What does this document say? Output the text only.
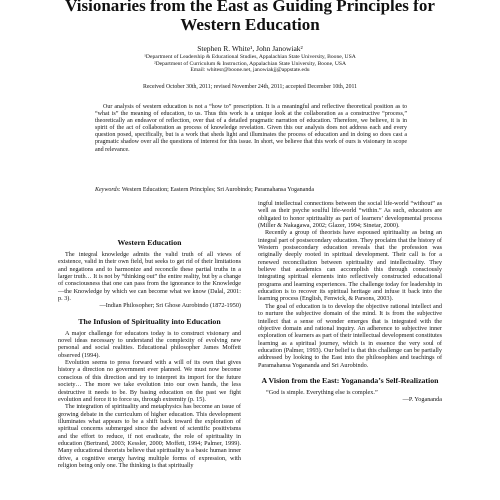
Visionaries from the East as Guiding Principles for Western Education
Stephen R. White¹, John Janowiak²
¹Department of Leadership & Educational Studies, Appalachian State University, Boone, USA
²Department of Curriculum & Instruction, Appalachian State University, Boone, USA
Email: whitesr@boone.net, janowiakjj@appstate.edu
Received October 30th, 2011; revised November 24th, 2011; accepted December 10th, 2011
Our analysis of western education is not a “how to” prescription. It is a meaningful and reflective theoretical position as to “what is” the meaning of education, to us. Thus this work is a unique look at the collaboration as a constructive “process,” theoretically an endeavor of reflection, over that of a detailed pragmatic narration of education. Therefore, we believe, it is in spirit of the act of collaboration as process of knowledge revelation. Given this our analysis does not address each and every question posed, specifically, but is a work that sheds light and illuminates the process of education and in doing so does cast a pragmatic shadow over all the questions of interest for this issue. In short, we believe that this work of ours is visionary in scope and relevance.
Keywords: Western Education; Eastern Principles; Sri Aurobindo; Paramahansa Yogananda
Western Education

The integral knowledge admits the valid truth of all views of existence, valid in their own field, but seeks to get rid of their limitations and negations and to harmonize and reconcile these partial truths in a larger truth… It is not by “thinking out” the entire reality, but by a change of consciousness that one can pass from the ignorance to the Knowledge—the Knowledge by which we can become what we know (Dalal, 2001: p. 3).

—Indian Philosopher; Sri Ghose Aurobindo (1872-1950)

The Infusion of Spirituality into Education

A major challenge for educators today is to construct visionary and novel ideas necessary to understand the complexity of evolving new personal and social realities. Educational philosopher James Moffett observed (1994).

Evolution seems to press forward with a will of its own that gives history a direction no government ever planned. We must now become conscious of this direction and try to interpret its import for the future society… The more we take evolution into our own hands, the less destructive it needs to be. By basing education on the past we fight evolution and force it to force us, through extremity (p. 15).

The integration of spirituality and metaphysics has become an issue of growing debate in the curriculum of higher education. This development illuminates what appears to be a shift back toward the exploration of spiritual concerns submerged since the advent of scientific positivisms and the effort to reduce, if not eradicate, the role of spirituality in education (Bertrand, 2003; Kessler, 2000; Moffett, 1994; Palmer, 1999). Many educational theorists believe that spirituality is a basic human inner drive, a cognitive energy having multiple forms of expression, with religion being only one. The thinking is that spiritually

ingful intellectual connections between the social life-world “without” as well as their psyche soulful life-world “within.” As such, educators are obligated to honor spirituality as part of learners’ developmental process (Miller & Nakagawa, 2002; Glazer, 1994; Sinetar, 2000).

Recently a group of theorists have espoused spirituality as being an integral part of postsecondary education. They proclaim that the history of Western postsecondary education reveals that the profession was originally deeply rooted in spiritual development. Their call is for a renewed reconciliation between spirituality and intellectuality. They believe that academics can accomplish this through consciously integrating spiritual elements into reflectively constructed educational programs and learning experiences. The challenge today for leadership in education is to recover its spiritual heritage and infuse it back into the learning process (English, Fenwick, & Parsons, 2003).

The goal of education is to develop the objective rational intellect and to nurture the subjective domain of the mind. It is from the subjective intellect that a sense of wonder emerges that is integrated with the objective domain and rational inquiry. An adherence to subjective inner exploration of learners as part of their intellectual development constitutes learning as a spiritual journey, which is in essence the very soul of education (Palmer, 1993). Our belief is that this challenge can be partially addressed by looking to the East into the philosophies and teachings of Paramahansa Yogananda and Sri Aurobindo.

A Vision from the East: Yogananda’s Self-Realization

“God is simple. Everything else is complex.”

—P. Yogananda
